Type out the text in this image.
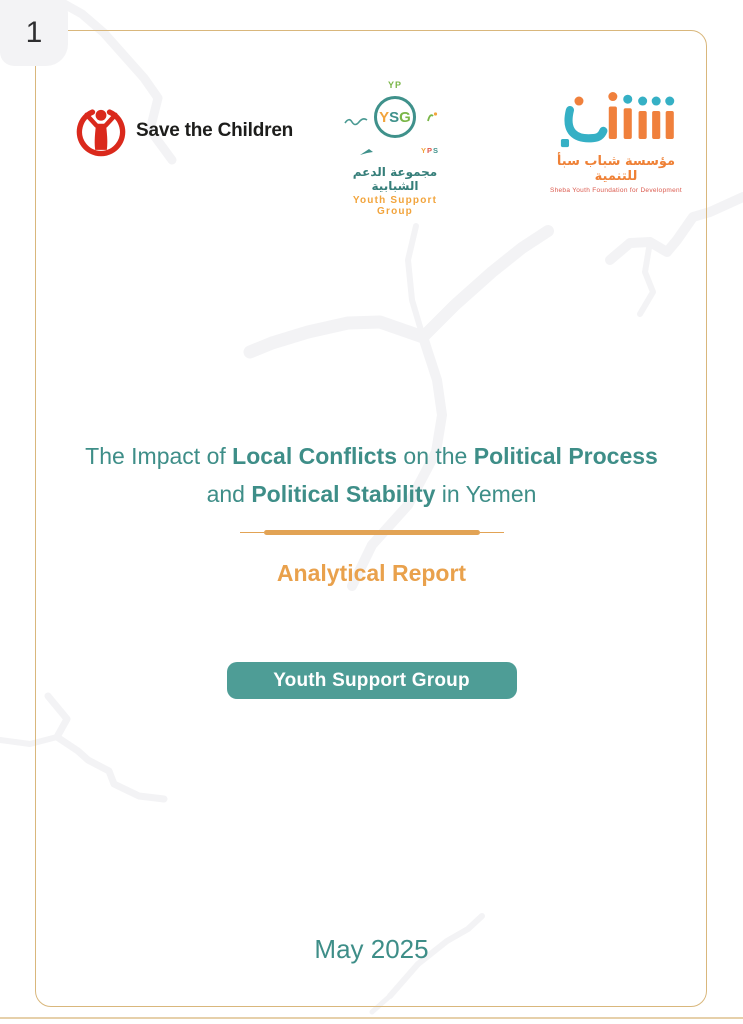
1
Save the Children
YP
Y S G
YPS
مجموعة الدعم الشبابية
Youth Support Group
مؤسسة شباب سبأ للتنمية
Sheba Youth Foundation for Development
The Impact of Local Conflicts on the Political Process
and Political Stability in Yemen
Analytical Report
Youth Support Group
May 2025
